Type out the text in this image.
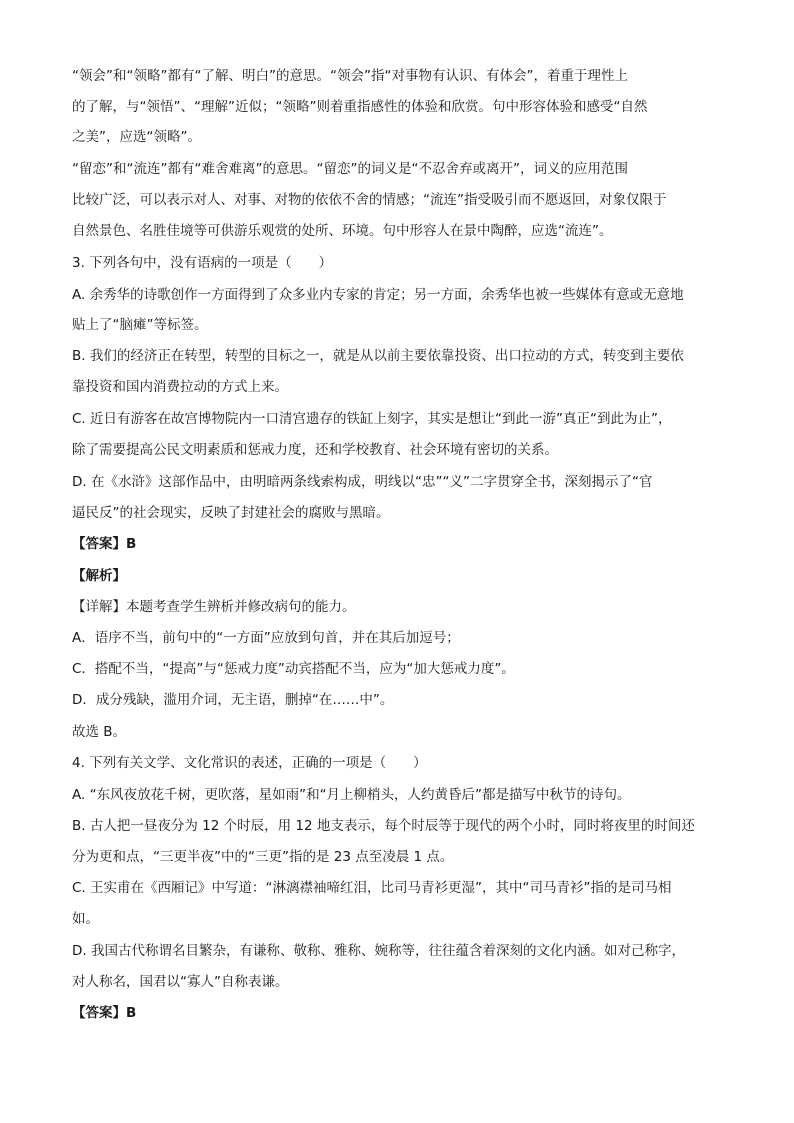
“领会”和“领略”都有“了解、明白”的意思。“领会”指“对事物有认识、有体会”，着重于理性上
的了解，与“领悟”、“理解”近似；“领略”则着重指感性的体验和欣赏。句中形容体验和感受“自然
之美”，应选“领略”。
“留恋”和“流连”都有“难舍难离”的意思。“留恋”的词义是“不忍舍弃或离开”，词义的应用范围
比较广泛，可以表示对人、对事、对物的依依不舍的情感；“流连”指受吸引而不愿返回，对象仅限于
自然景色、名胜佳境等可供游乐观赏的处所、环境。句中形容人在景中陶醉，应选“流连”。
3. 下列各句中，没有语病的一项是（　　）
A. 余秀华的诗歌创作一方面得到了众多业内专家的肯定；另一方面，余秀华也被一些媒体有意或无意地
贴上了“脑瘫”等标签。
B. 我们的经济正在转型，转型的目标之一，就是从以前主要依靠投资、出口拉动的方式，转变到主要依
靠投资和国内消费拉动的方式上来。
C. 近日有游客在故宫博物院内一口清宫遗存的铁缸上刻字，其实是想让“到此一游”真正“到此为止”，
除了需要提高公民文明素质和惩戒力度，还和学校教育、社会环境有密切的关系。
D. 在《水浒》这部作品中，由明暗两条线索构成，明线以“忠”“义”二字贯穿全书，深刻揭示了“官
逼民反”的社会现实，反映了封建社会的腐败与黑暗。
【答案】B
【解析】
【详解】本题考查学生辨析并修改病句的能力。
A．语序不当，前句中的“一方面”应放到句首，并在其后加逗号；
C．搭配不当，“提高”与“惩戒力度”动宾搭配不当，应为“加大惩戒力度”。
D．成分残缺，滥用介词，无主语，删掉“在……中”。
故选 B。
4. 下列有关文学、文化常识的表述，正确的一项是（　　）
A. “东风夜放花千树，更吹落，星如雨”和“月上柳梢头，人约黄昏后”都是描写中秋节的诗句。
B. 古人把一昼夜分为 12 个时辰，用 12 地支表示，每个时辰等于现代的两个小时，同时将夜里的时间还
分为更和点，“三更半夜”中的“三更”指的是 23 点至凌晨 1 点。
C. 王实甫在《西厢记》中写道：“淋漓襟袖啼红泪，比司马青衫更湿”，其中“司马青衫”指的是司马相
如。
D. 我国古代称谓名目繁杂，有谦称、敬称、雅称、婉称等，往往蕴含着深刻的文化内涵。如对己称字，
对人称名，国君以“寡人”自称表谦。
【答案】B
